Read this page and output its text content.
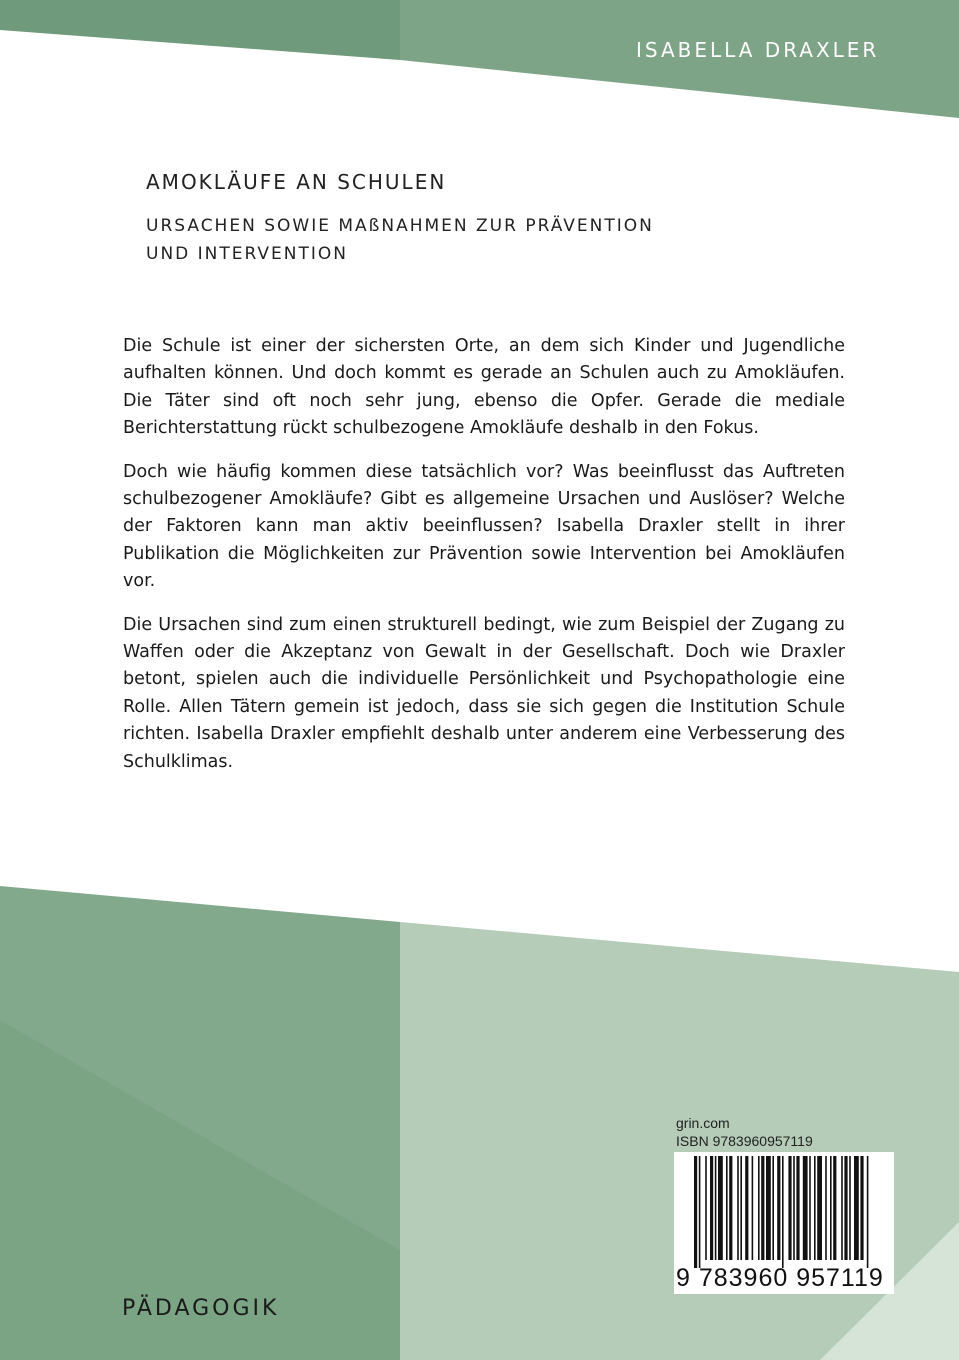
ISABELLA DRAXLER
AMOKLÄUFE AN SCHULEN
URSACHEN SOWIE MAßNAHMEN ZUR PRÄVENTION
UND INTERVENTION

Die Schule ist einer der sichersten Orte, an dem sich Kinder und Jugendliche aufhalten können. Und doch kommt es gerade an Schulen auch zu Amokläufen. Die Täter sind oft noch sehr jung, ebenso die Opfer. Gerade die mediale Berichterstattung rückt schulbezogene Amokläufe deshalb in den Fokus.

Doch wie häufig kommen diese tatsächlich vor? Was beeinflusst das Auftreten schulbezogener Amokläufe? Gibt es allgemeine Ursachen und Auslöser? Welche der Faktoren kann man aktiv beeinflussen? Isabella Draxler stellt in ihrer Publikation die Möglichkeiten zur Prävention sowie Intervention bei Amokläufen vor.

Die Ursachen sind zum einen strukturell bedingt, wie zum Beispiel der Zugang zu Waffen oder die Akzeptanz von Gewalt in der Gesellschaft. Doch wie Draxler betont, spielen auch die individuelle Persönlichkeit und Psychopathologie eine Rolle. Allen Tätern gemein ist jedoch, dass sie sich gegen die Institution Schule richten. Isabella Draxler empfiehlt deshalb unter anderem eine Verbesserung des Schulklimas.

grin.com
ISBN 9783960957119
9 783960 957119
PÄDAGOGIK
